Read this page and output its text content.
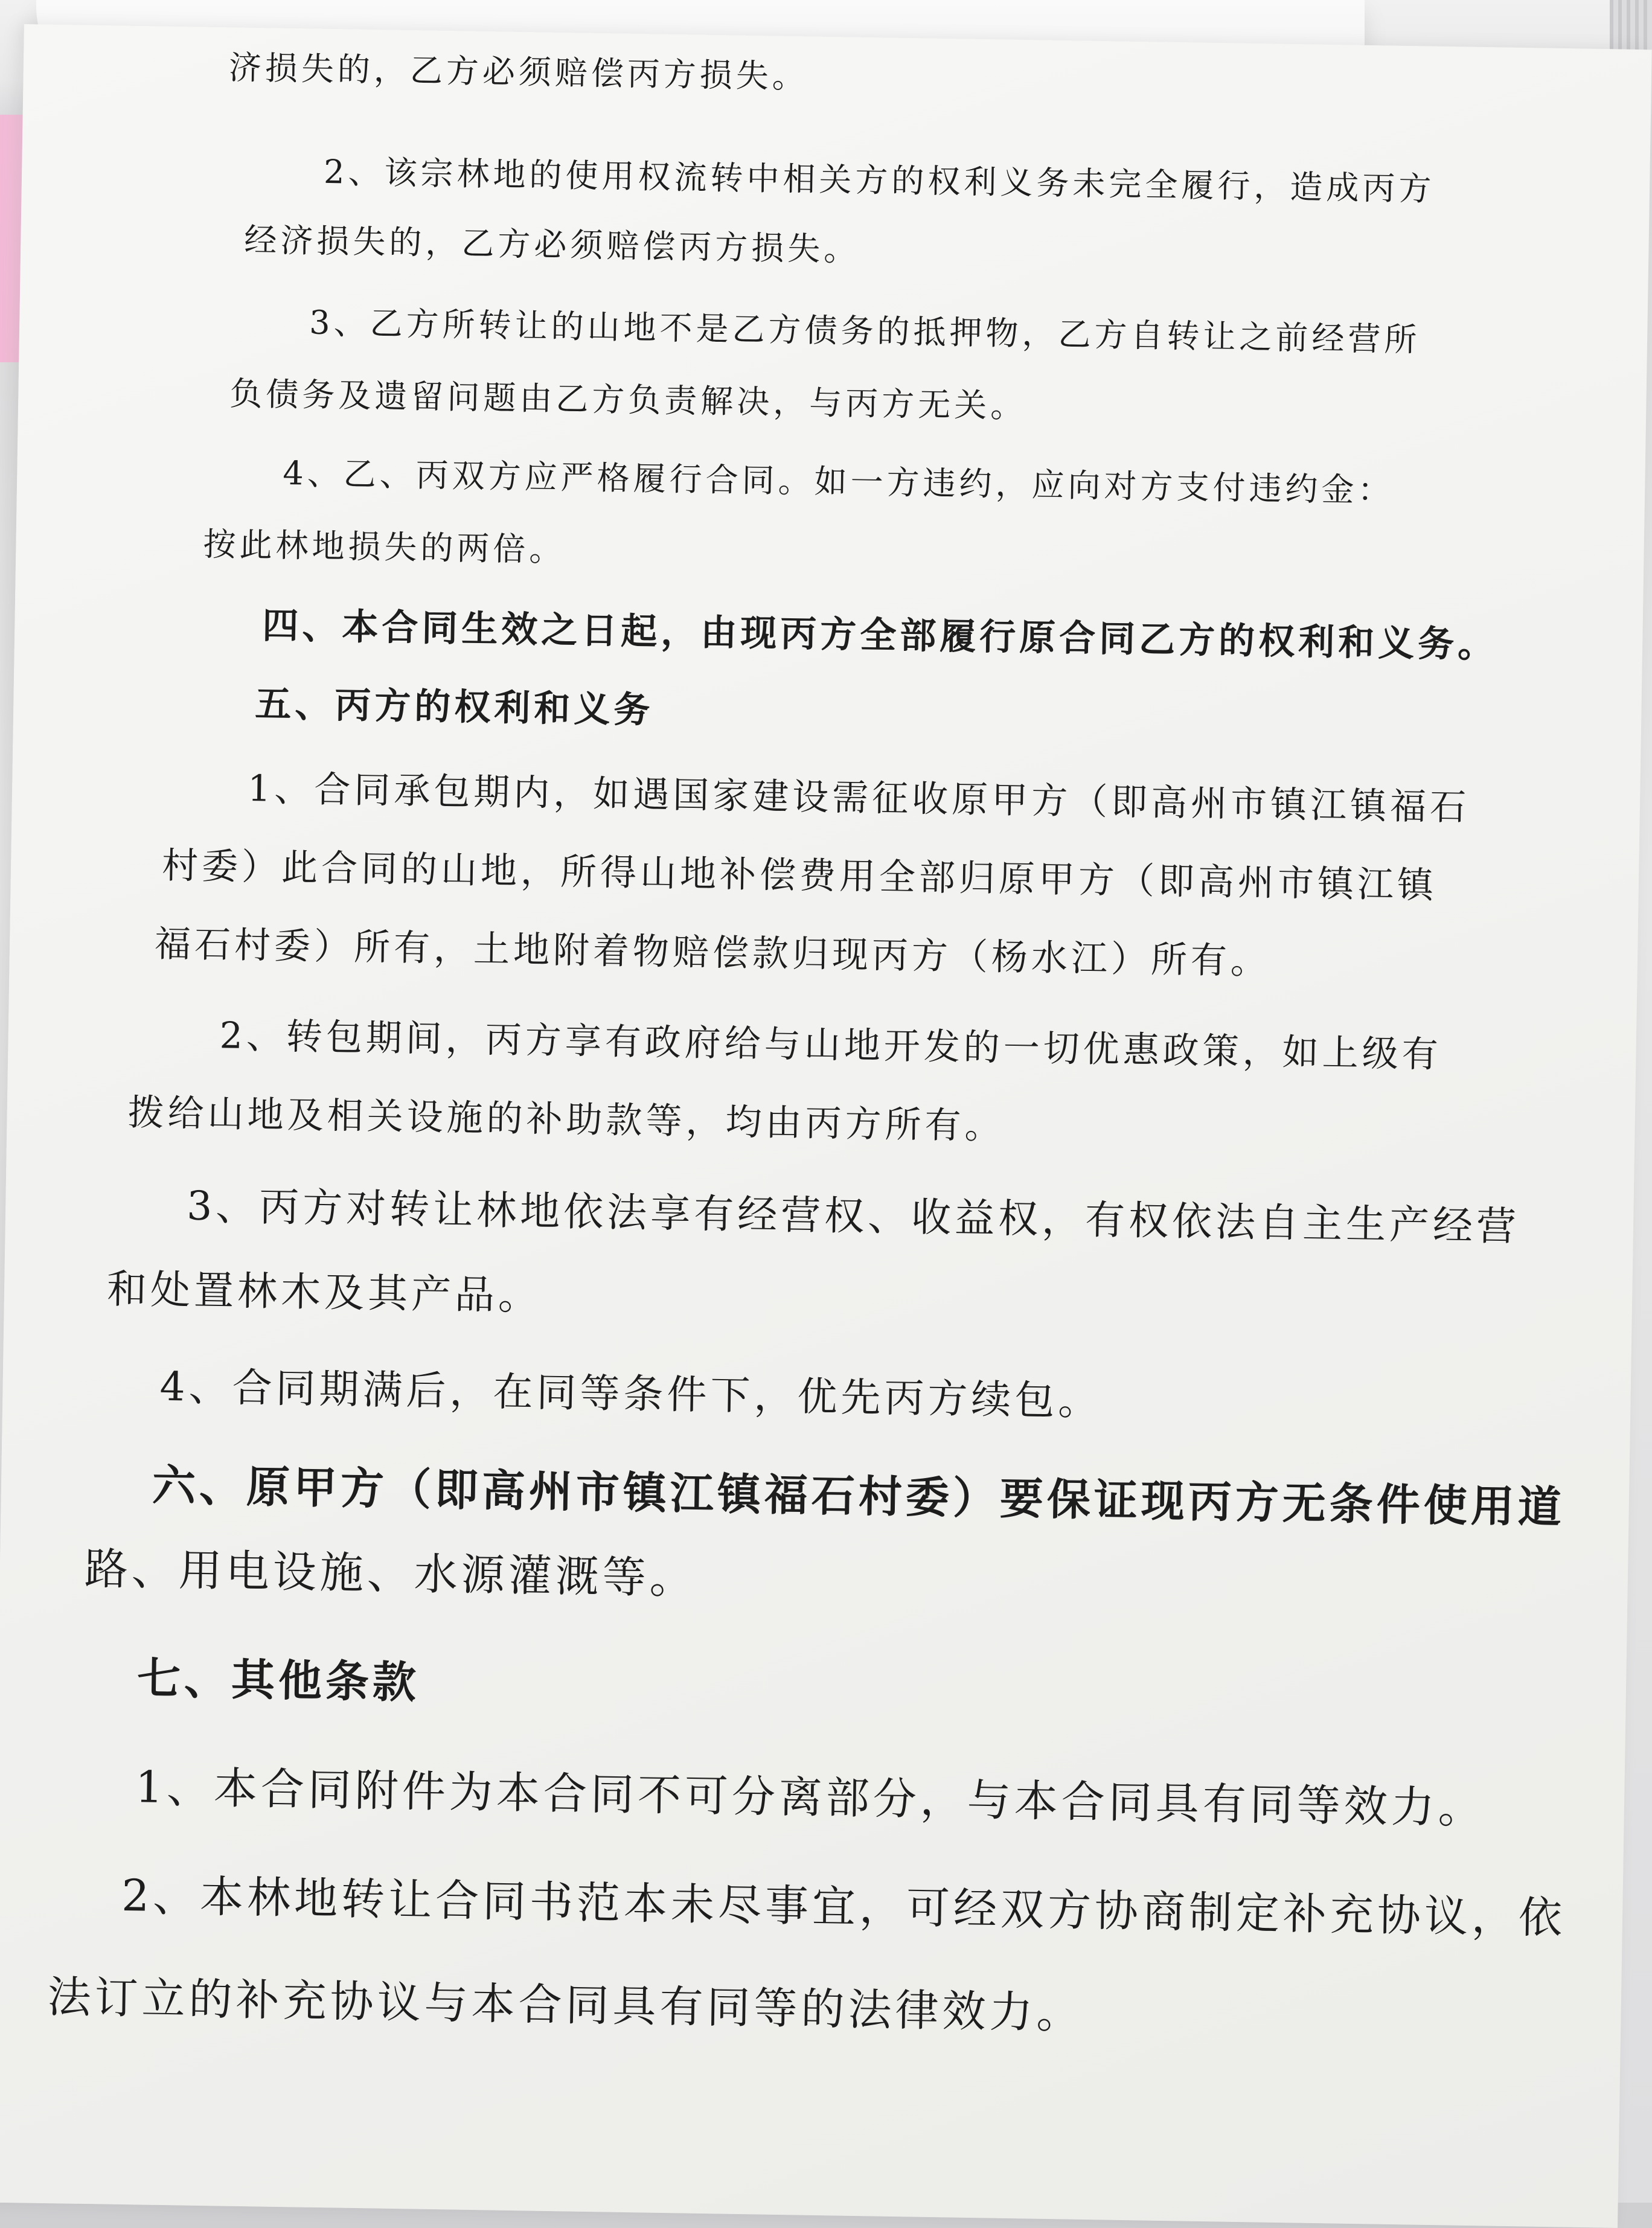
济损失的，乙方必须赔偿丙方损失。

2、该宗林地的使用权流转中相关方的权利义务未完全履行，造成丙方

经济损失的，乙方必须赔偿丙方损失。

3、乙方所转让的山地不是乙方债务的抵押物，乙方自转让之前经营所

负债务及遗留问题由乙方负责解决，与丙方无关。

4、乙、丙双方应严格履行合同。如一方违约，应向对方支付违约金：

按此林地损失的两倍。

四、本合同生效之日起，由现丙方全部履行原合同乙方的权利和义务。

五、丙方的权利和义务

1、合同承包期内，如遇国家建设需征收原甲方（即高州市镇江镇福石

村委）此合同的山地，所得山地补偿费用全部归原甲方（即高州市镇江镇

福石村委）所有，土地附着物赔偿款归现丙方（杨水江）所有。

2、转包期间，丙方享有政府给与山地开发的一切优惠政策，如上级有

拨给山地及相关设施的补助款等，均由丙方所有。

3、丙方对转让林地依法享有经营权、收益权，有权依法自主生产经营

和处置林木及其产品。

4、合同期满后，在同等条件下，优先丙方续包。

六、原甲方（即高州市镇江镇福石村委）要保证现丙方无条件使用道

路、用电设施、水源灌溉等。

七、其他条款

1、本合同附件为本合同不可分离部分，与本合同具有同等效力。

2、本林地转让合同书范本未尽事宜，可经双方协商制定补充协议，依

法订立的补充协议与本合同具有同等的法律效力。
